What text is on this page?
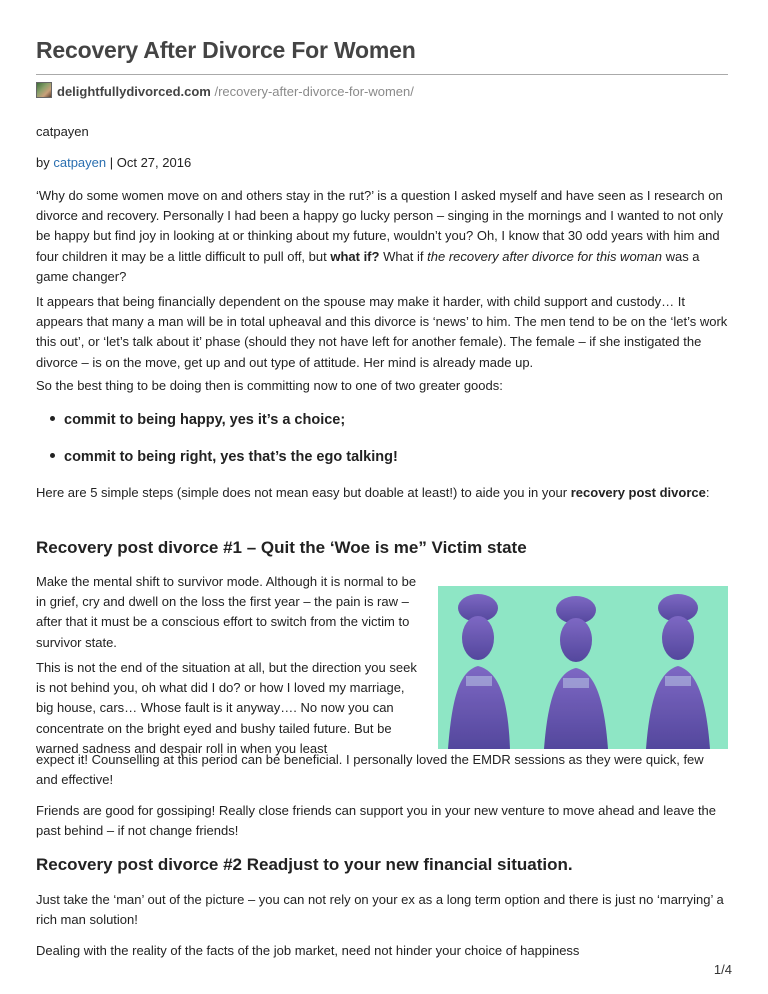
Recovery After Divorce For Women
delightfullydivorced.com /recovery-after-divorce-for-women/
catpayen
by catpayen | Oct 27, 2016

‘Why do some women move on and others stay in the rut?’ is a question I asked myself and have seen as I research on divorce and recovery. Personally I had been a happy go lucky person – singing in the mornings and I wanted to not only be happy but find joy in looking at or thinking about my future, wouldn’t you? Oh, I know that 30 odd years with him and four children it may be a little difficult to pull off, but what if? What if the recovery after divorce for this woman was a game changer?

It appears that being financially dependent on the spouse may make it harder, with child support and custody… It appears that many a man will be in total upheaval and this divorce is ‘news’ to him. The men tend to be on the ‘let’s work this out’, or ‘let’s talk about it’ phase (should they not have left for another female). The female – if she instigated the divorce – is on the move, get up and out type of attitude. Her mind is already made up.

So the best thing to be doing then is committing now to one of two greater goods:

commit to being happy, yes it’s a choice;
commit to being right, yes that’s the ego talking!

Here are 5 simple steps (simple does not mean easy but doable at least!) to aide you in your recovery post divorce:

Recovery post divorce #1 – Quit the ‘Woe is me” Victim state

Make the mental shift to survivor mode. Although it is normal to be in grief, cry and dwell on the loss the first year – the pain is raw – after that it must be a conscious effort to switch from the victim to survivor state.

This is not the end of the situation at all, but the direction you seek is not behind you, oh what did I do? or how I loved my marriage, big house, cars… Whose fault is it anyway…. No now you can concentrate on the bright eyed and bushy tailed future. But be warned sadness and despair roll in when you least

expect it! Counselling at this period can be beneficial. I personally loved the EMDR sessions as they were quick, few and effective!

Friends are good for gossiping! Really close friends can support you in your new venture to move ahead and leave the past behind – if not change friends!

Recovery post divorce #2 Readjust to your new financial situation.

Just take the ‘man’ out of the picture – you can not rely on your ex as a long term option and there is just no ‘marrying’ a rich man solution!

Dealing with the reality of the facts of the job market, need not hinder your choice of happiness

1/4
